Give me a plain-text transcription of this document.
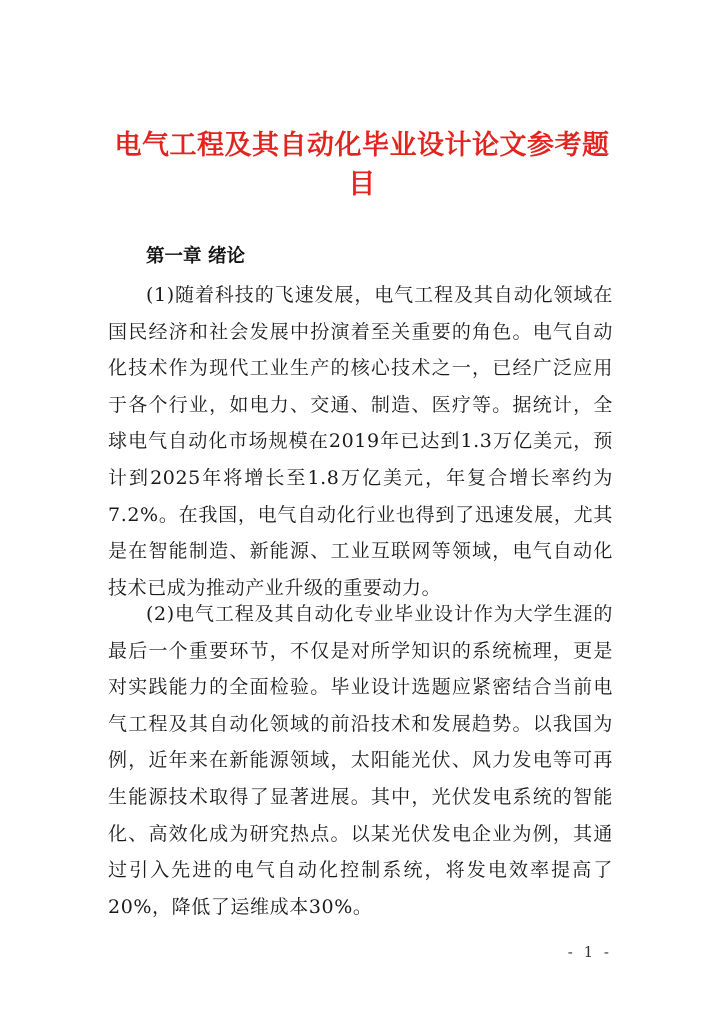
电气工程及其自动化毕业设计论文参考题目
第一章 绪论

(1)随着科技的飞速发展，电气工程及其自动化领域在国民经济和社会发展中扮演着至关重要的角色。电气自动化技术作为现代工业生产的核心技术之一，已经广泛应用于各个行业，如电力、交通、制造、医疗等。据统计，全球电气自动化市场规模在2019年已达到1.3万亿美元，预计到2025年将增长至1.8万亿美元，年复合增长率约为7.2%。在我国，电气自动化行业也得到了迅速发展，尤其是在智能制造、新能源、工业互联网等领域，电气自动化技术已成为推动产业升级的重要动力。

(2)电气工程及其自动化专业毕业设计作为大学生涯的最后一个重要环节，不仅是对所学知识的系统梳理，更是对实践能力的全面检验。毕业设计选题应紧密结合当前电气工程及其自动化领域的前沿技术和发展趋势。以我国为例，近年来在新能源领域，太阳能光伏、风力发电等可再生能源技术取得了显著进展。其中，光伏发电系统的智能化、高效化成为研究热点。以某光伏发电企业为例，其通过引入先进的电气自动化控制系统，将发电效率提高了20%，降低了运维成本30%。

- 1 -
